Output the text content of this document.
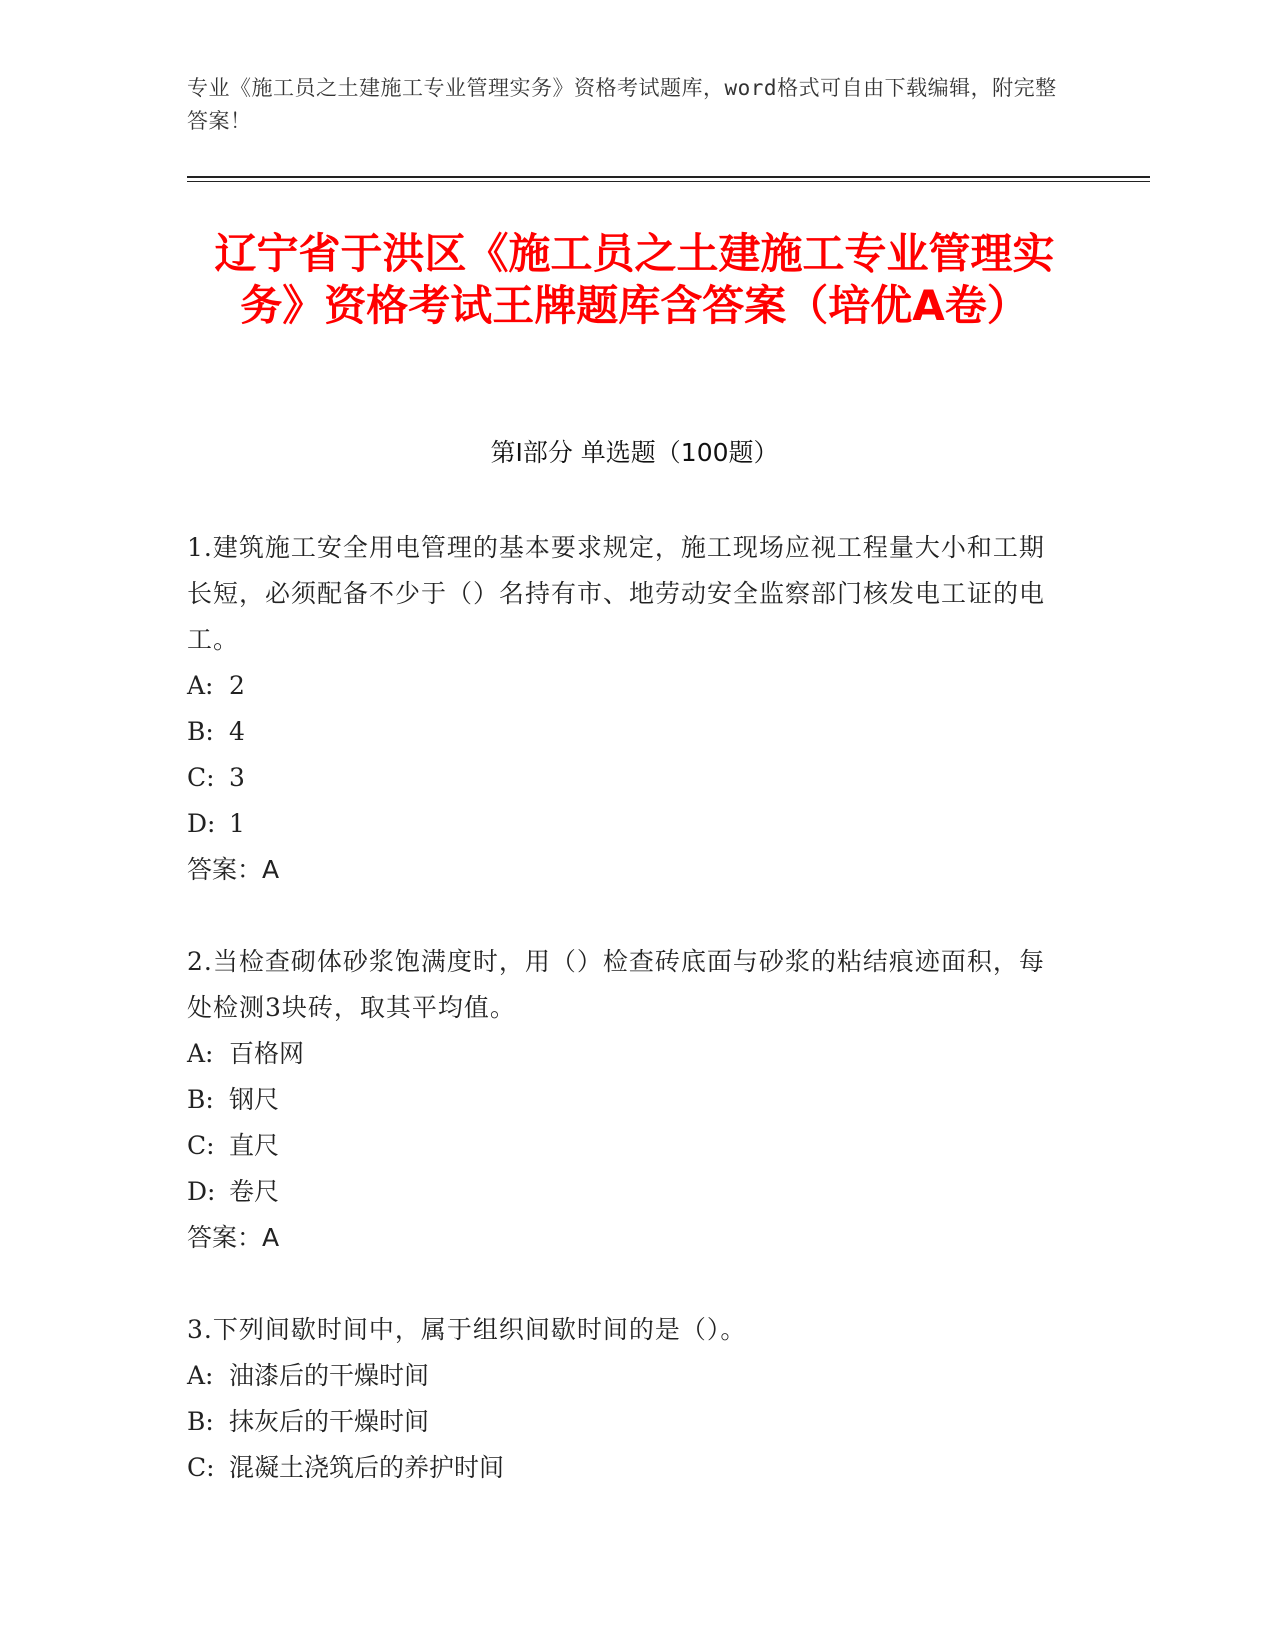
专业《施工员之土建施工专业管理实务》资格考试题库，word格式可自由下载编辑，附完整答案！
辽宁省于洪区《施工员之土建施工专业管理实务》资格考试王牌题库含答案（培优A卷）
第I部分 单选题（100题）
1.建筑施工安全用电管理的基本要求规定，施工现场应视工程量大小和工期长短，必须配备不少于（）名持有市、地劳动安全监察部门核发电工证的电工。
A: 2
B: 4
C: 3
D: 1
答案：A
2.当检查砌体砂浆饱满度时，用（）检查砖底面与砂浆的粘结痕迹面积，每处检测3块砖，取其平均值。
A: 百格网
B: 钢尺
C: 直尺
D: 卷尺
答案：A
3.下列间歇时间中，属于组织间歇时间的是（）。
A: 油漆后的干燥时间
B: 抹灰后的干燥时间
C: 混凝土浇筑后的养护时间
